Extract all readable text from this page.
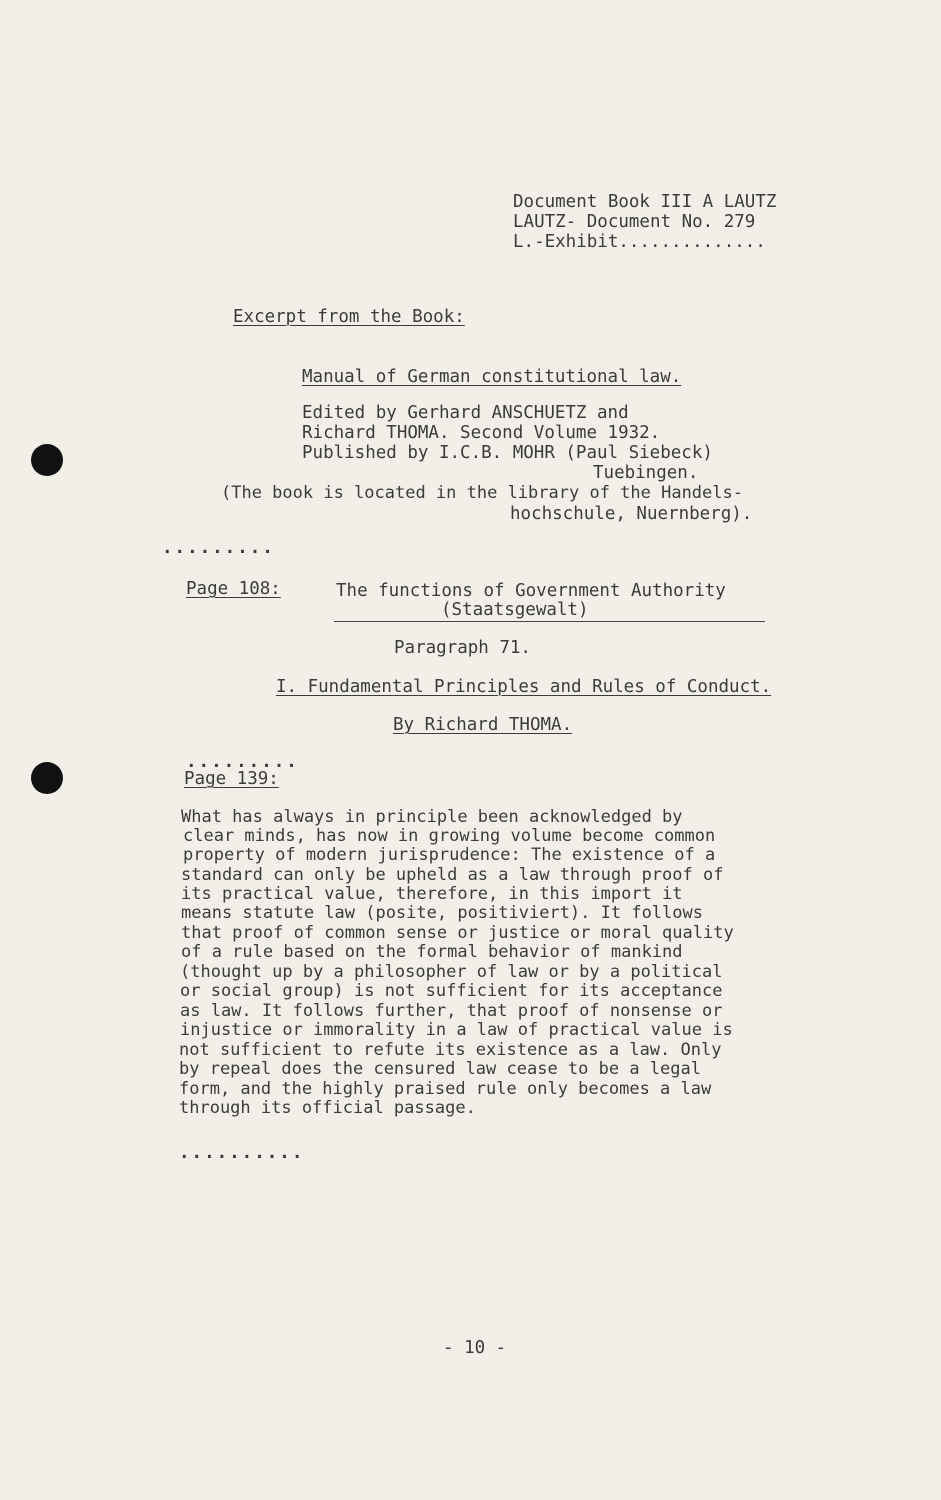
Document Book III A LAUTZ
LAUTZ- Document No. 279
L.-Exhibit..............
Excerpt from the Book:
Manual of German constitutional law.
Edited by Gerhard ANSCHUETZ and
Richard THOMA. Second Volume 1932.
Published by I.C.B. MOHR (Paul Siebeck)
Tuebingen.
(The book is located in the library of the Handels-
hochschule, Nuernberg).
.........
Page 108:	The functions of Government Authority
(Staatsgewalt)
Paragraph 71.
I. Fundamental Principles and Rules of Conduct.
By Richard THOMA.
.........
Page 139:
What has always in principle been acknowledged by
clear minds, has now in growing volume become common
property of modern jurisprudence: The existence of a
standard can only be upheld as a law through proof of
its practical value, therefore, in this import it
means statute law (posite, positiviert). It follows
that proof of common sense or justice or moral quality
of a rule based on the formal behavior of mankind
(thought up by a philosopher of law or by a political
or social group) is not sufficient for its acceptance
as law. It follows further, that proof of nonsense or
injustice or immorality in a law of practical value is
not sufficient to refute its existence as a law. Only
by repeal does the censured law cease to be a legal
form, and the highly praised rule only becomes a law
through its official passage.
..........
- 10 -
